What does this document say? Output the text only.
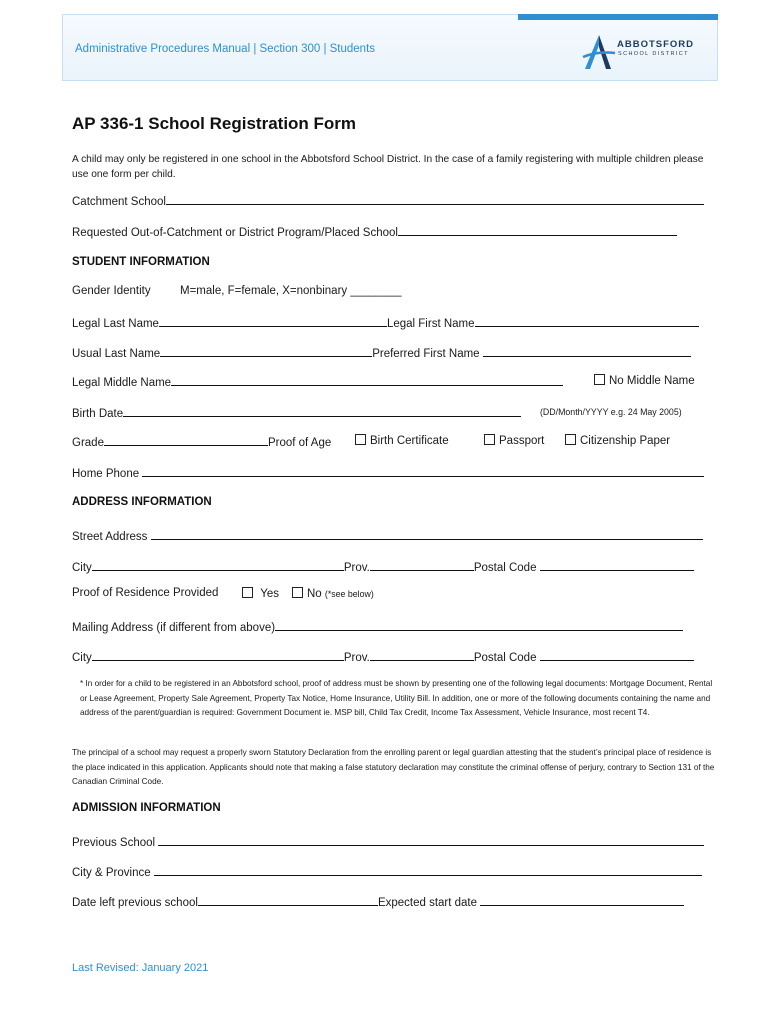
Administrative Procedures Manual | Section 300 | Students	ABBOTSFORD
SCHOOL DISTRICT
AP 336-1 School Registration Form
A child may only be registered in one school in the Abbotsford School District. In the case of a family registering with multiple children please use one form per child.
Catchment School
Requested Out-of-Catchment or District Program/Placed School
STUDENT INFORMATION
Gender Identity	M=male, F=female, X=nonbinary ________
Legal Last Name	Legal First Name
Usual Last Name	Preferred First Name
Legal Middle Name	No Middle Name
Birth Date	(DD/Month/YYYY e.g. 24 May 2005)
Grade	Proof of Age	Birth Certificate	Passport	Citizenship Paper
Home Phone
ADDRESS INFORMATION
Street Address
City	Prov.	Postal Code
Proof of Residence Provided	Yes	No (*see below)
Mailing Address (if different from above)
City	Prov.	Postal Code
* In order for a child to be registered in an Abbotsford school, proof of address must be shown by presenting one of the following legal documents: Mortgage Document, Rental or Lease Agreement, Property Sale Agreement, Property Tax Notice, Home Insurance, Utility Bill. In addition, one or more of the following documents containing the name and address of the parent/guardian is required: Government Document ie. MSP bill, Child Tax Credit, Income Tax Assessment, Vehicle Insurance, most recent T4.
The principal of a school may request a properly sworn Statutory Declaration from the enrolling parent or legal guardian attesting that the student’s principal place of residence is the place indicated in this application. Applicants should note that making a false statutory declaration may constitute the criminal offense of perjury, contrary to Section 131 of the Canadian Criminal Code.
ADMISSION INFORMATION
Previous School
City & Province
Date left previous school	Expected start date
Last Revised: January 2021
